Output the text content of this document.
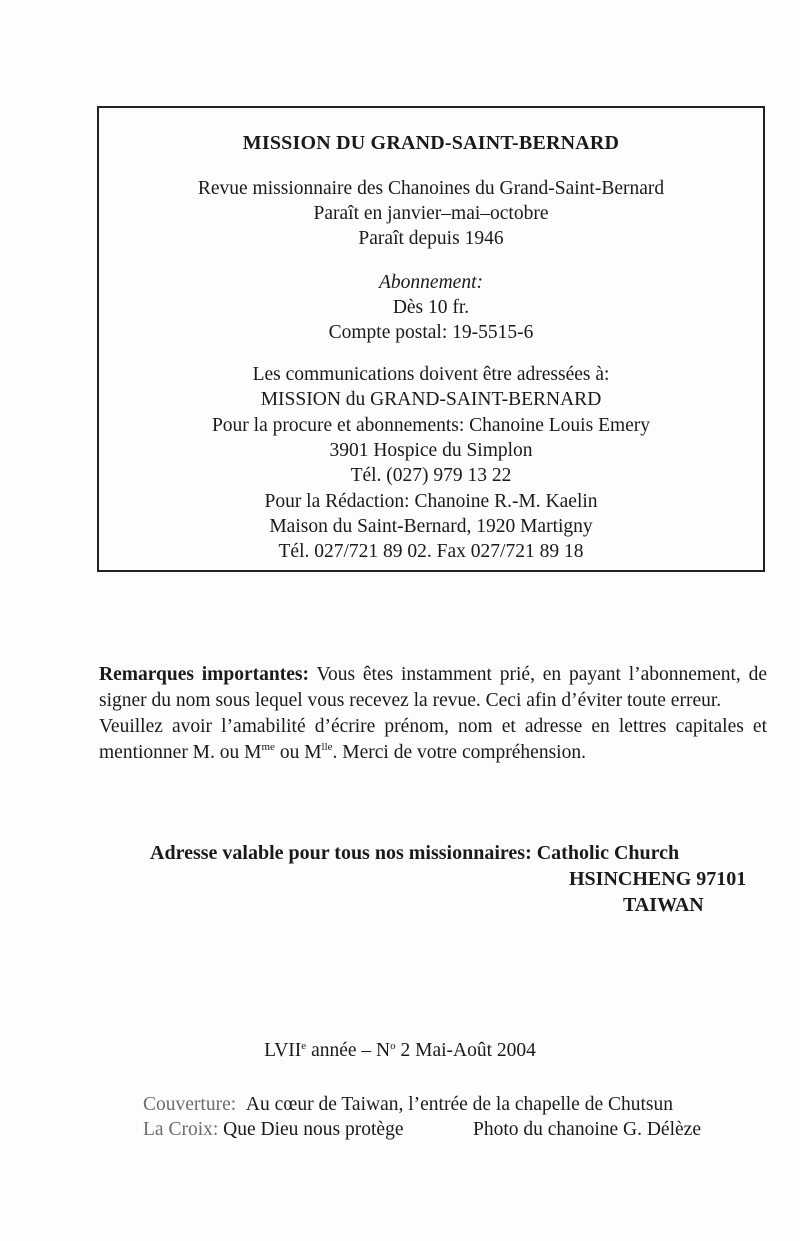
MISSION DU GRAND-SAINT-BERNARD
Revue missionnaire des Chanoines du Grand-Saint-Bernard
Paraît en janvier–mai–octobre
Paraît depuis 1946
Abonnement:
Dès 10 fr.
Compte postal: 19-5515-6
Les communications doivent être adressées à:
MISSION du GRAND-SAINT-BERNARD
Pour la procure et abonnements: Chanoine Louis Emery
3901 Hospice du Simplon
Tél. (027) 979 13 22
Pour la Rédaction: Chanoine R.-M. Kaelin
Maison du Saint-Bernard, 1920 Martigny
Tél. 027/721 89 02. Fax 027/721 89 18

Remarques importantes: Vous êtes instamment prié, en payant l’abonnement, de signer du nom sous lequel vous recevez la revue. Ceci afin d’éviter toute erreur.

Veuillez avoir l’amabilité d’écrire prénom, nom et adresse en lettres capitales et mentionner M. ou $M^{me}$ ou $M^{lle}$. Merci de votre compréhension.

Adresse valable pour tous nos missionnaires: Catholic Church
HSINCHENG 97101
TAIWAN
LVIIe année – $N^o$ 2 Mai-Août 2004
Couverture: Au cœur de Taiwan, l’entrée de la chapelle de Chutsun
La Croix: Que Dieu nous protège	Photo du chanoine G. Délèze
